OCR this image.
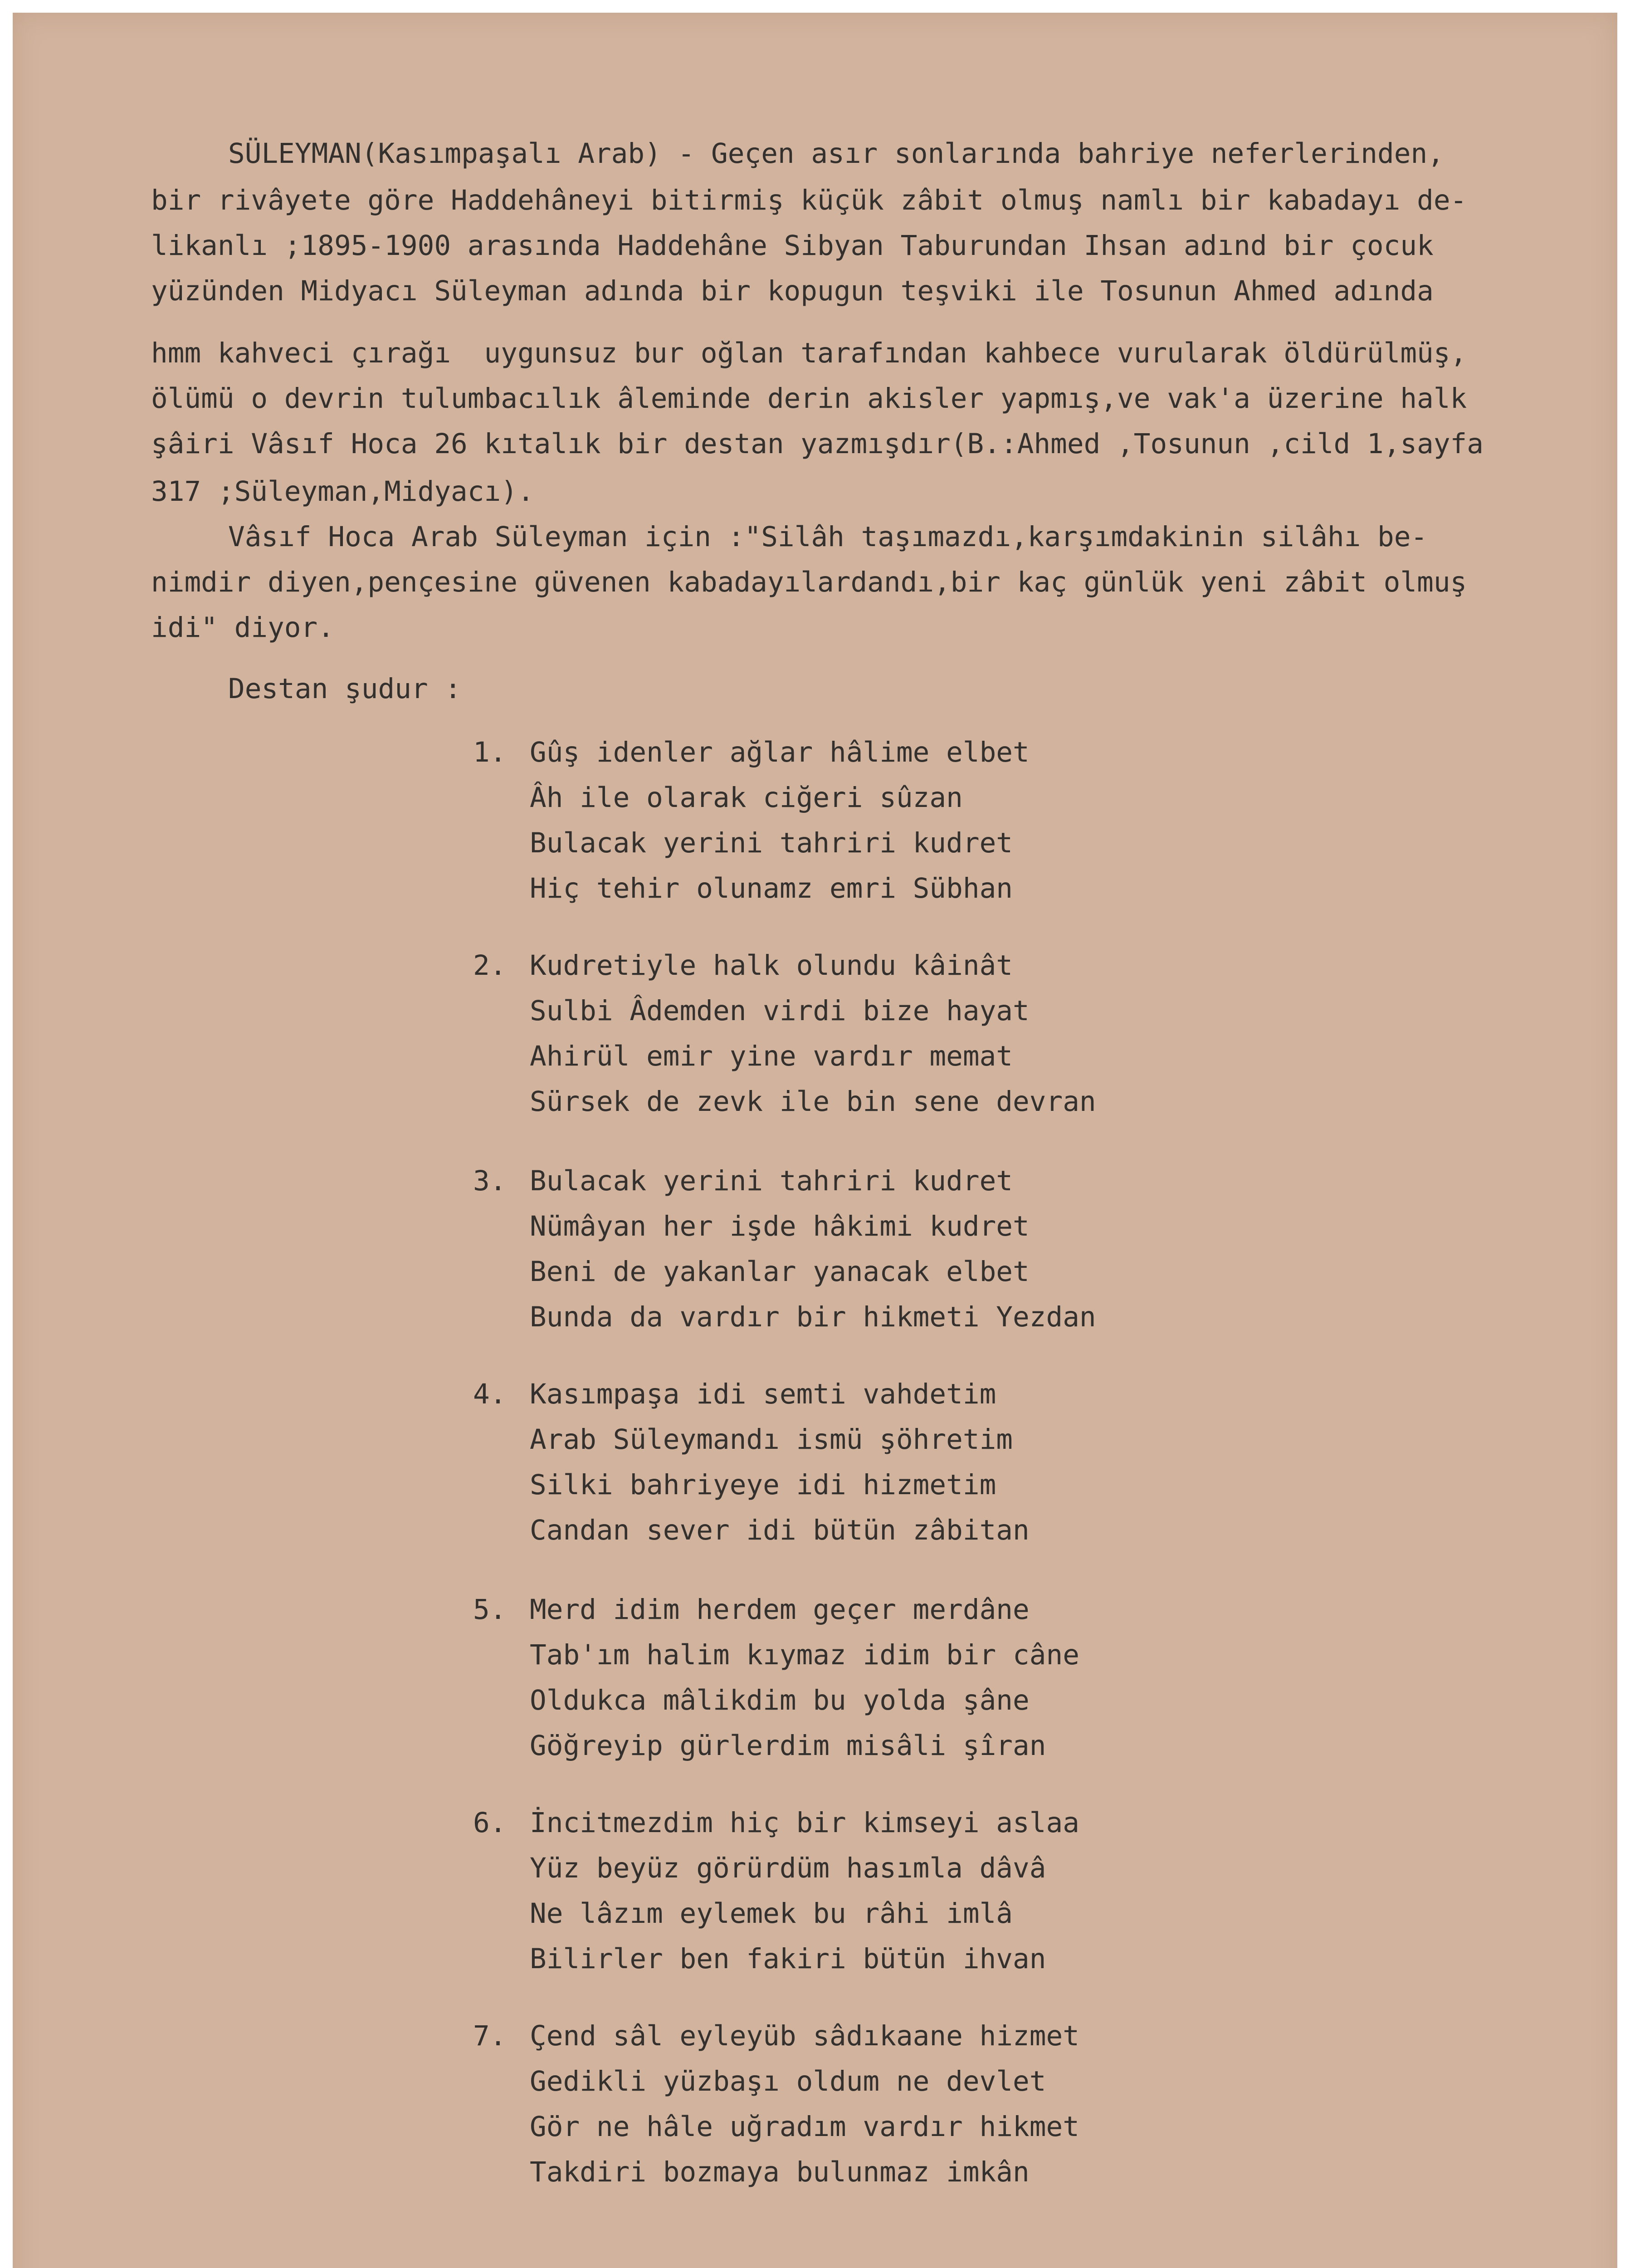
SÜLEYMAN(Kasımpaşalı Arab) - Geçen asır sonlarında bahriye neferlerinden,
bir rivâyete göre Haddehâneyi bitirmiş küçük zâbit olmuş namlı bir kabadayı de-
likanlı ;1895-1900 arasında Haddehâne Sibyan Taburundan Ihsan adınd bir çocuk
yüzünden Midyacı Süleyman adında bir kopugun teşviki ile Tosunun Ahmed adında
hmm kahveci çırağı  uygunsuz bur oğlan tarafından kahbece vurularak öldürülmüş,
ölümü o devrin tulumbacılık âleminde derin akisler yapmış,ve vak'a üzerine halk
şâiri Vâsıf Hoca 26 kıtalık bir destan yazmışdır(B.:Ahmed ,Tosunun ,cild 1,sayfa
317 ;Süleyman,Midyacı).
Vâsıf Hoca Arab Süleyman için :"Silâh taşımazdı,karşımdakinin silâhı be-
nimdir diyen,pençesine güvenen kabadayılardandı,bir kaç günlük yeni zâbit olmuş
idi" diyor.
Destan şudur :
1. Gûş idenler ağlar hâlime elbet
Âh ile olarak ciğeri sûzan
Bulacak yerini tahriri kudret
Hiç tehir olunamz emri Sübhan
2. Kudretiyle halk olundu kâinât
Sulbi Âdemden virdi bize hayat
Ahirül emir yine vardır memat
Sürsek de zevk ile bin sene devran
3. Bulacak yerini tahriri kudret
Nümâyan her işde hâkimi kudret
Beni de yakanlar yanacak elbet
Bunda da vardır bir hikmeti Yezdan
4. Kasımpaşa idi semti vahdetim
Arab Süleymandı ismü şöhretim
Silki bahriyeye idi hizmetim
Candan sever idi bütün zâbitan
5. Merd idim herdem geçer merdâne
Tab'ım halim kıymaz idim bir câne
Oldukca mâlikdim bu yolda şâne
Göğreyip gürlerdim misâli şîran
6. İncitmezdim hiç bir kimseyi aslaa
Yüz beyüz görürdüm hasımla dâvâ
Ne lâzım eylemek bu râhi imlâ
Bilirler ben fakiri bütün ihvan
7. Çend sâl eyleyüb sâdıkaane hizmet
Gedikli yüzbaşı oldum ne devlet
Gör ne hâle uğradım vardır hikmet
Takdiri bozmaya bulunmaz imkân
